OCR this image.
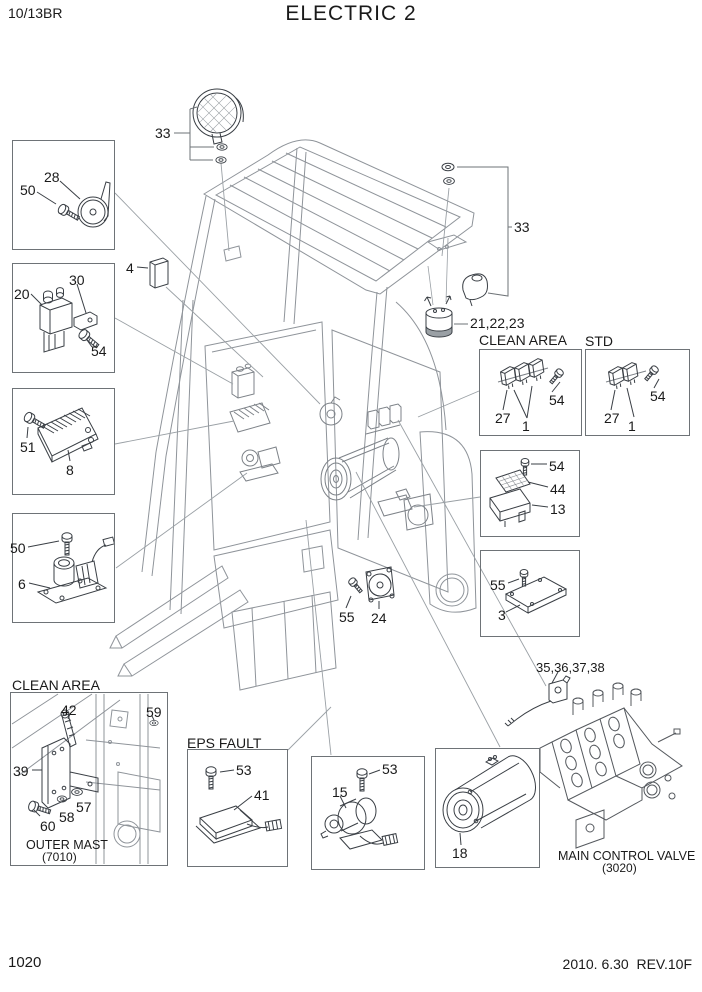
10/13BR	ELECTRIC 2
CLEAN AREA STD
CLEAN AREA
EPS FAULT
OUTER MAST
(7010)	MAIN CONTROL VALVE
(3020)
33
28
50
4
20
30
54
51
8
50
6
33
21,22,23
27 1
54
27 1
54
54
44
13
55
3
55 24
35,36,37,38
42	59
39
57
58
60
53
41
53
15
18
1020	2010. 6.30  REV.10F
